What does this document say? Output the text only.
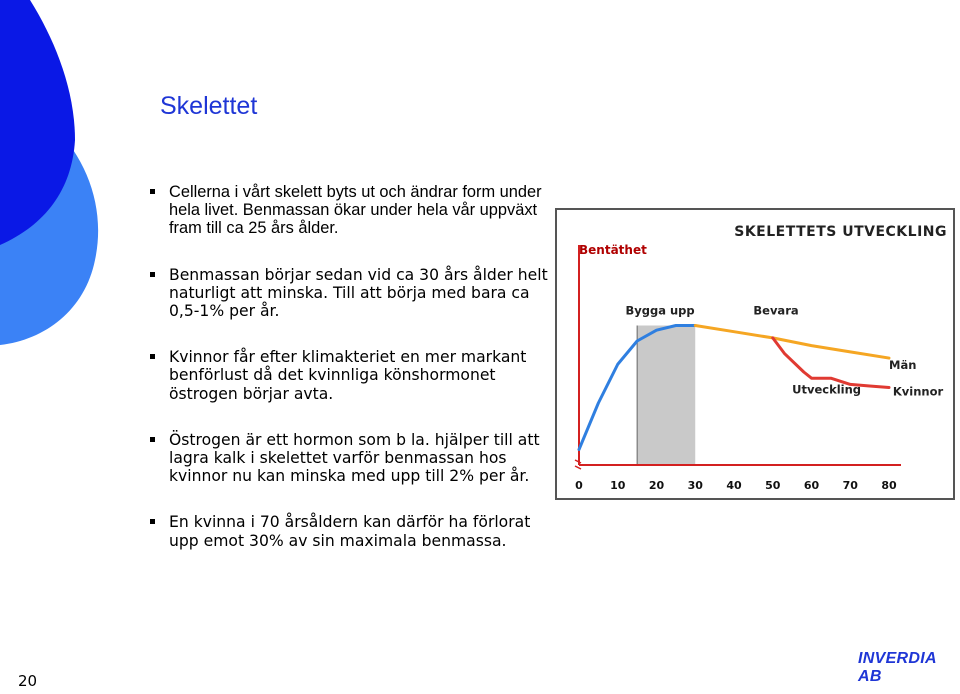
Skelettet
Cellerna i vårt skelett byts ut och ändrar form under hela livet. Benmassan ökar under hela vår uppväxt fram till ca 25 års ålder.
Benmassan börjar sedan vid ca 30 års ålder helt naturligt att minska. Till att börja med bara ca 0,5-1% per år.
Kvinnor får efter klimakteriet en mer markant benförlust då det kvinnliga könshormonet östrogen börjar avta.
Östrogen är ett hormon som b la. hjälper till att lagra kalk i skelettet varför benmassan hos kvinnor nu kan minska med upp till 2% per år.
En kvinna i 70 årsåldern kan därför ha förlorat upp emot 30% av sin maximala benmassa.
SKELETTETS UTVECKLING
Bentäthet
0 10 20 30 40 50 60 70 80
Bygga upp	Bevara
Män
Utveckling	Kvinnor
20
INVERDIA AB
